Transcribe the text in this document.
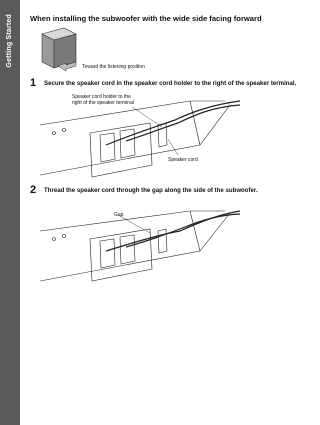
Getting Started When installing the subwoofer with the wide side facing forward
Toward the listening position
1	Secure the speaker cord in the speaker cord holder to the right of the speaker terminal.
Speaker cord holder to the
right of the speaker terminal
Speaker cord
2	Thread the speaker cord through the gap along the side of the subwoofer.
Gap
